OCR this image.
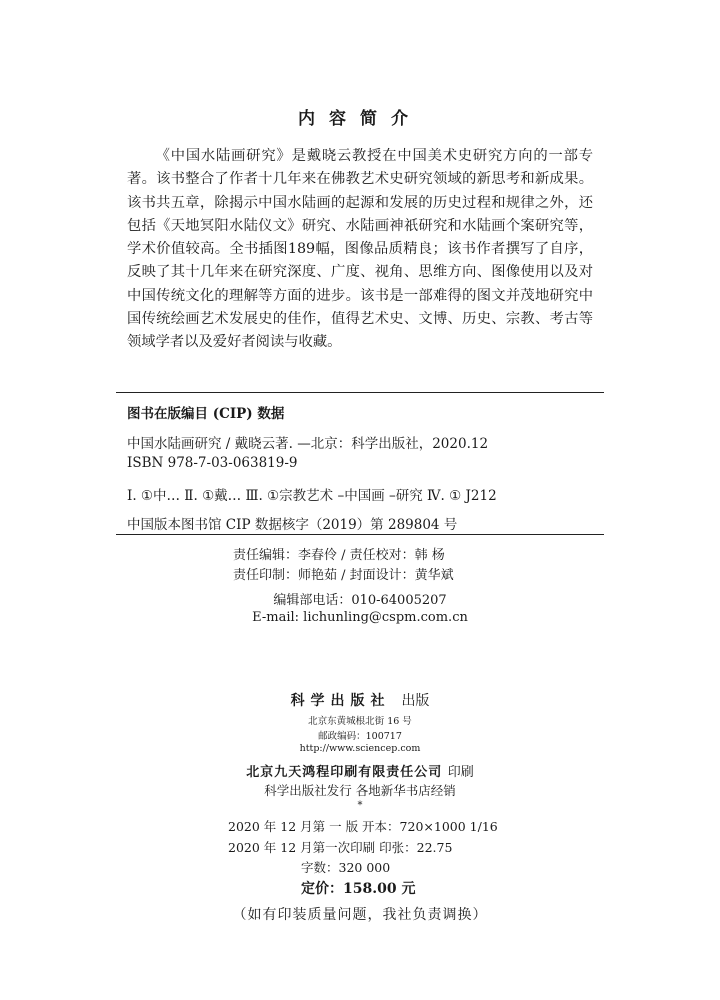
内容简介

《中国水陆画研究》是戴晓云教授在中国美术史研究方向的一部专著。该书整合了作者十几年来在佛教艺术史研究领域的新思考和新成果。该书共五章，除揭示中国水陆画的起源和发展的历史过程和规律之外，还包括《天地冥阳水陆仪文》研究、水陆画神祇研究和水陆画个案研究等，学术价值较高。全书插图189幅，图像品质精良；该书作者撰写了自序，反映了其十几年来在研究深度、广度、视角、思维方向、图像使用以及对中国传统文化的理解等方面的进步。该书是一部难得的图文并茂地研究中国传统绘画艺术发展史的佳作，值得艺术史、文博、历史、宗教、考古等领域学者以及爱好者阅读与收藏。

图书在版编目 (CIP) 数据
中国水陆画研究 / 戴晓云著. —北京：科学出版社，2020.12
ISBN 978-7-03-063819-9
Ⅰ. ①中… Ⅱ. ①戴… Ⅲ. ①宗教艺术 –中国画 –研究 Ⅳ. ① J212
中国版本图书馆 CIP 数据核字（2019）第 289804 号
责任编辑：李春伶 / 责任校对：韩 杨
责任印制：师艳茹 / 封面设计：黄华斌
编辑部电话：010-64005207
E-mail: lichunling@cspm.com.cn
科学出版社 出版
北京东黄城根北街 16 号
邮政编码：100717
http://www.sciencep.com
北京九天鸿程印刷有限责任公司 印刷
科学出版社发行 各地新华书店经销
*
2020 年 12 月第 一 版 开本：720×1000 1/16
2020 年 12 月第一次印刷 印张：22.75
字数：320 000
定价：158.00 元
（如有印装质量问题，我社负责调换）
